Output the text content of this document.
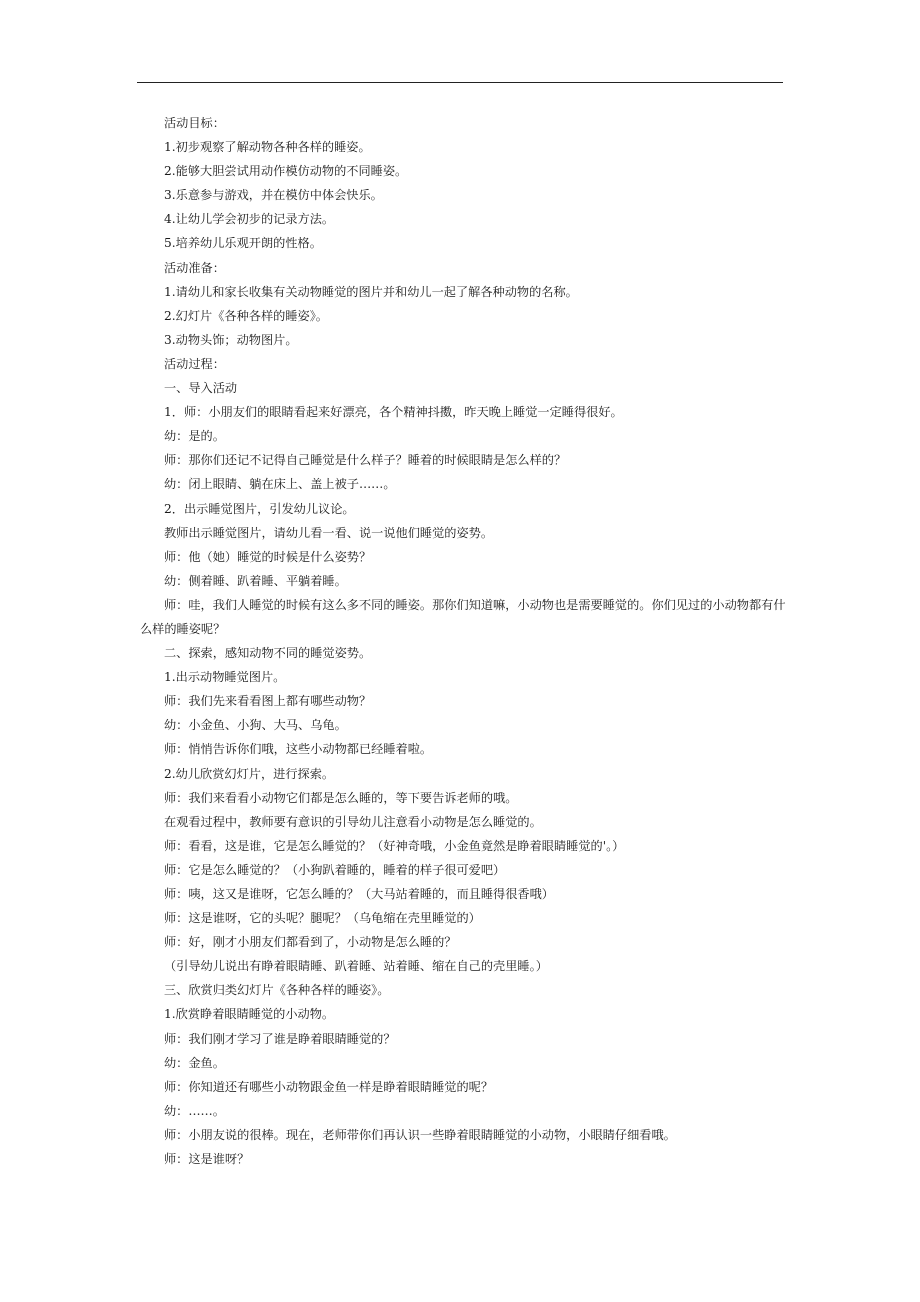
活动目标：

1.初步观察了解动物各种各样的睡姿。

2.能够大胆尝试用动作模仿动物的不同睡姿。

3.乐意参与游戏，并在模仿中体会快乐。

4.让幼儿学会初步的记录方法。

5.培养幼儿乐观开朗的性格。

活动准备：

1.请幼儿和家长收集有关动物睡觉的图片并和幼儿一起了解各种动物的名称。

2.幻灯片《各种各样的睡姿》。

3.动物头饰；动物图片。

活动过程：

一、导入活动

1．师：小朋友们的眼睛看起来好漂亮，各个精神抖擞，昨天晚上睡觉一定睡得很好。

幼：是的。

师：那你们还记不记得自己睡觉是什么样子？睡着的时候眼睛是怎么样的？

幼：闭上眼睛、躺在床上、盖上被子……。

2．出示睡觉图片，引发幼儿议论。

教师出示睡觉图片，请幼儿看一看、说一说他们睡觉的姿势。

师：他（她）睡觉的时候是什么姿势？

幼：侧着睡、趴着睡、平躺着睡。

师：哇，我们人睡觉的时候有这么多不同的睡姿。那你们知道嘛，小动物也是需要睡觉的。你们见过的小动物都有什么样的睡姿呢？

二、探索，感知动物不同的睡觉姿势。

1.出示动物睡觉图片。

师：我们先来看看图上都有哪些动物？

幼：小金鱼、小狗、大马、乌龟。

师：悄悄告诉你们哦，这些小动物都已经睡着啦。

2.幼儿欣赏幻灯片，进行探索。

师：我们来看看小动物它们都是怎么睡的，等下要告诉老师的哦。

在观看过程中，教师要有意识的引导幼儿注意看小动物是怎么睡觉的。

师：看看，这是谁，它是怎么睡觉的？（好神奇哦，小金鱼竟然是睁着眼睛睡觉的'。）

师：它是怎么睡觉的？（小狗趴着睡的，睡着的样子很可爱吧）

师：咦，这又是谁呀，它怎么睡的？（大马站着睡的，而且睡得很香哦）

师：这是谁呀，它的头呢？腿呢？（乌龟缩在壳里睡觉的）

师：好，刚才小朋友们都看到了，小动物是怎么睡的？

（引导幼儿说出有睁着眼睛睡、趴着睡、站着睡、缩在自己的壳里睡。）

三、欣赏归类幻灯片《各种各样的睡姿》。

1.欣赏睁着眼睛睡觉的小动物。

师：我们刚才学习了谁是睁着眼睛睡觉的？

幼：金鱼。

师：你知道还有哪些小动物跟金鱼一样是睁着眼睛睡觉的呢？

幼：……。

师：小朋友说的很棒。现在，老师带你们再认识一些睁着眼睛睡觉的小动物，小眼睛仔细看哦。

师：这是谁呀？
